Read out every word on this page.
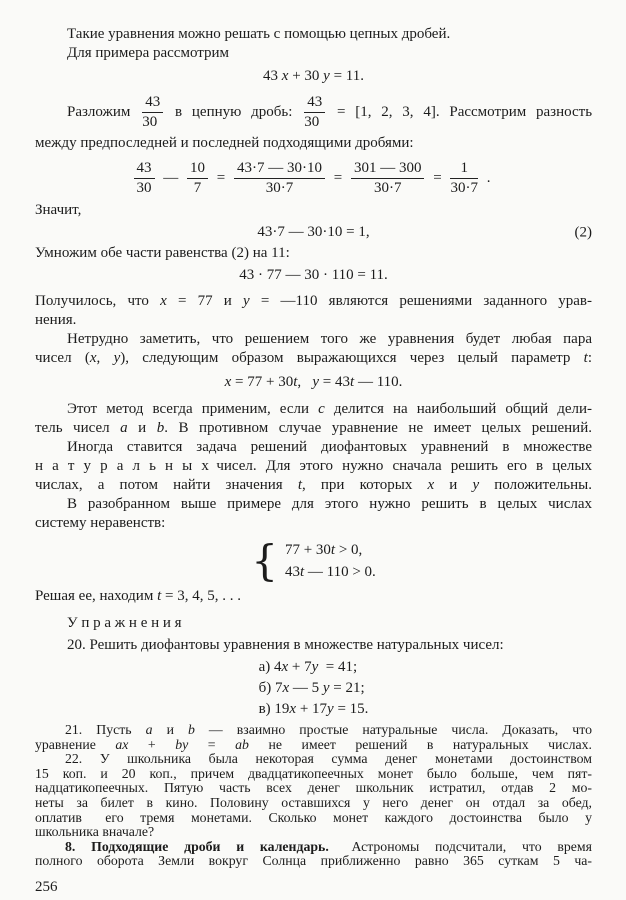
Такие уравнения можно решать с помощью цепных дробей.
Для примера рассмотрим
43 x + 30 y = 11.
Разложим $\frac{43}{30}$ в цепную дробь: $\frac{43}{30} = [1$, 2, 3, 4]. Рассмотрим разность
между предпоследней и последней подходящими дробями:
$\frac{43}{30}$ — $\frac{10}{7} = \frac{43\cdot 7 — 30\cdot 10}{30\cdot 7} = \frac{301 — 300}{30\cdot 7} = \frac{1}{30\cdot 7}$ .
Значит,
43·7 — 30·10 = 1,	(2)
Умножим обе части равенства (2) на 11:
43 · 77 — 30 · 110 = 11.
Получилось, что x = 77 и y = —110 являются решениями заданного урав-
нения.
Нетрудно заметить, что решением того же уравнения будет любая пара
чисел (x, y), следующим образом выражающихся через целый параметр t:
x = 77 + 30t,  y = 43t — 110.
Этот метод всегда применим, если c делится на наибольший общий дели-
тель чисел a и b. В противном случае уравнение не имеет целых решений.
Иногда ставится задача решений диофантовых уравнений в множестве
н а т у р а л ь н ы х чисел. Для этого нужно сначала решить его в целых
числах, а потом найти значения t, при которых x и y положительны.
В разобранном выше примере для этого нужно решить в целых числах
систему неравенств:
{ 77 + 30t > 0,
43t — 110 > 0.
Решая ее, находим t = 3, 4, 5, . . .
У п р а ж н е н и я
20. Решить диофантовы уравнения в множестве натуральных чисел:
а) 4x + 7y = 41;
б) 7x — 5 y = 21;
в) 19x + 17y = 15.
21. Пусть a и b — взаимно простые натуральные числа. Доказать, что
уравнение ax + by = ab не имеет решений в натуральных числах.
22. У школьника была некоторая сумма денег монетами достоинством
15 коп. и 20 коп., причем двадцатикопеечных монет было больше, чем пят-
надцатикопеечных. Пятую часть всех денег школьник истратил, отдав 2 мо-
неты за билет в кино. Половину оставшихся у него денег он отдал за обед,
оплатив  его тремя монетами. Сколько монет каждого достоинства было у
школьника вначале?
8. Подходящие дроби и календарь.  Астрономы подсчитали, что время
полного оборота Земли вокруг Солнца приближенно равно 365 суткам 5 ча-
256
